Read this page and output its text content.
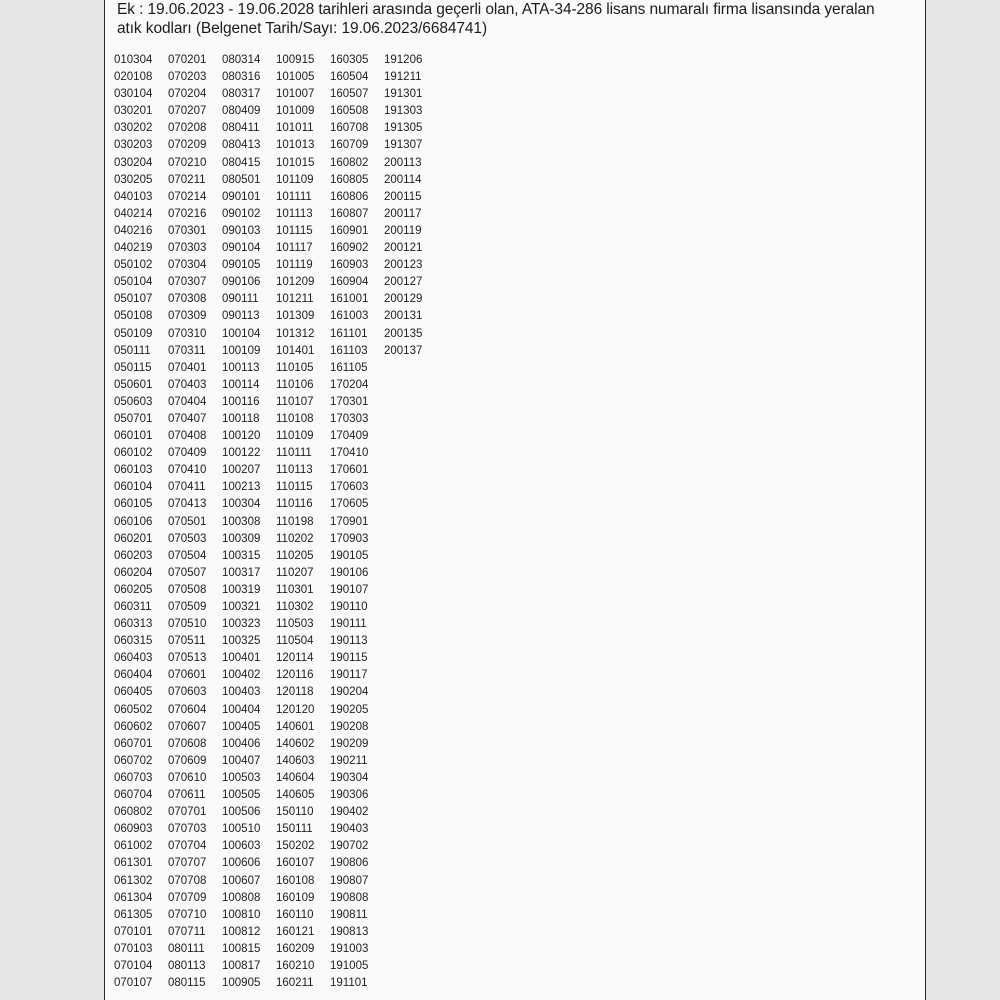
Ek : 19.06.2023 - 19.06.2028 tarihleri arasında geçerli olan, ATA-34-286 lisans numaralı firma lisansında yeralan
atık kodları (Belgenet Tarih/Sayı: 19.06.2023/6684741)
010304
020108
030104
030201
030202
030203
030204
030205
040103
040214
040216
040219
050102
050104
050107
050108
050109
050111
050115
050601
050603
050701
060101
060102
060103
060104
060105
060106
060201
060203
060204
060205
060311
060313
060315
060403
060404
060405
060502
060602
060701
060702
060703
060704
060802
060903
061002
061301
061302
061304
061305
070101
070103
070104
070107
070201
070203
070204
070207
070208
070209
070210
070211
070214
070216
070301
070303
070304
070307
070308
070309
070310
070311
070401
070403
070404
070407
070408
070409
070410
070411
070413
070501
070503
070504
070507
070508
070509
070510
070511
070513
070601
070603
070604
070607
070608
070609
070610
070611
070701
070703
070704
070707
070708
070709
070710
070711
080111
080113
080115
080314
080316
080317
080409
080411
080413
080415
080501
090101
090102
090103
090104
090105
090106
090111
090113
100104
100109
100113
100114
100116
100118
100120
100122
100207
100213
100304
100308
100309
100315
100317
100319
100321
100323
100325
100401
100402
100403
100404
100405
100406
100407
100503
100505
100506
100510
100603
100606
100607
100808
100810
100812
100815
100817
100905
100915
101005
101007
101009
101011
101013
101015
101109
101111
101113
101115
101117
101119
101209
101211
101309
101312
101401
110105
110106
110107
110108
110109
110111
110113
110115
110116
110198
110202
110205
110207
110301
110302
110503
110504
120114
120116
120118
120120
140601
140602
140603
140604
140605
150110
150111
150202
160107
160108
160109
160110
160121
160209
160210
160211
160305
160504
160507
160508
160708
160709
160802
160805
160806
160807
160901
160902
160903
160904
161001
161003
161101
161103
161105
170204
170301
170303
170409
170410
170601
170603
170605
170901
170903
190105
190106
190107
190110
190111
190113
190115
190117
190204
190205
190208
190209
190211
190304
190306
190402
190403
190702
190806
190807
190808
190811
190813
191003
191005
191101
191206
191211
191301
191303
191305
191307
200113
200114
200115
200117
200119
200121
200123
200127
200129
200131
200135
200137
